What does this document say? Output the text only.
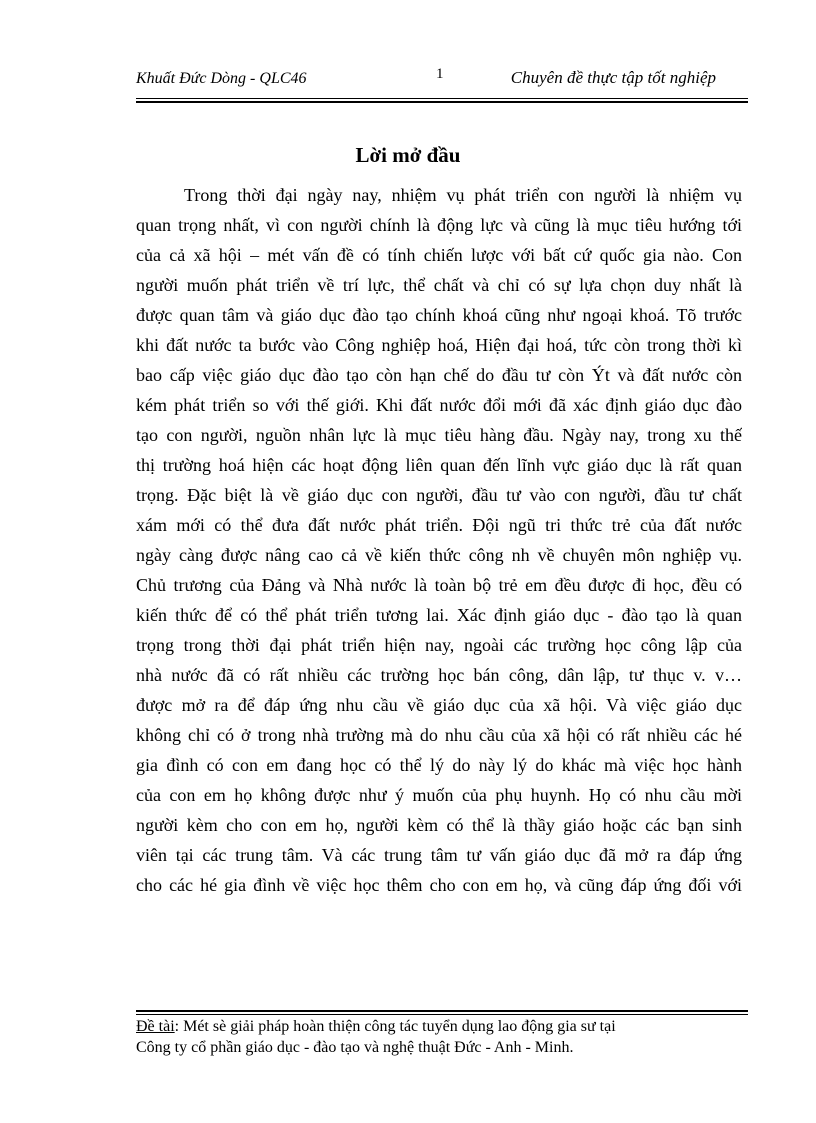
Khuất Đức Dòng - QLC46	1	Chuyên đề thực tập tốt nghiệp
Lời mở đầu
Trong thời đại ngày nay, nhiệm vụ phát triển con người là nhiệm vụ
quan trọng nhất, vì con người chính là động lực và cũng là mục tiêu hướng tới
của cả xã hội – mét vấn đề có tính chiến lược với bất cứ quốc gia nào. Con
người muốn phát triển về trí lực, thể chất và chỉ có sự lựa chọn duy nhất là
được quan tâm và giáo dục đào tạo chính khoá cũng như ngoại khoá. Tõ trước
khi đất nước ta bước vào Công nghiệp hoá, Hiện đại hoá, tức còn trong thời kì
bao cấp việc giáo dục đào tạo còn hạn chế do đầu tư còn Ýt và đất nước còn
kém phát triển so với thế giới. Khi đất nước đổi mới đã xác định giáo dục đào
tạo con người, nguồn nhân lực là mục tiêu hàng đầu. Ngày nay, trong xu thế
thị trường hoá hiện các hoạt động liên quan đến lĩnh vực giáo dục là rất quan
trọng. Đặc biệt là về giáo dục con người, đầu tư vào con người, đầu tư chất
xám mới có thể đưa đất nước phát triển. Đội ngũ tri thức trẻ của đất nước
ngày càng được nâng cao cả về kiến thức công nh về chuyên môn nghiệp vụ.
Chủ trương của Đảng và Nhà nước là toàn bộ trẻ em đều được đi học, đều có
kiến thức để có thể phát triển tương lai. Xác định giáo dục - đào tạo là quan
trọng trong thời đại phát triển hiện nay, ngoài các trường học công lập của
nhà nước đã có rất nhiều các trường học bán công, dân lập, tư thục v. v…
được mở ra để đáp ứng nhu cầu về giáo dục của xã hội. Và việc giáo dục
không chỉ có ở trong nhà trường mà do nhu cầu của xã hội có rất nhiều các hé
gia đình có con em đang học có thể lý do này lý do khác mà việc học hành
của con em họ không được như ý muốn của phụ huynh. Họ có nhu cầu mời
người kèm cho con em họ, người kèm có thể là thầy giáo hoặc các bạn sinh
viên tại các trung tâm. Và các trung tâm tư vấn giáo dục đã mở ra đáp ứng
cho các hé gia đình về việc học thêm cho con em họ, và cũng đáp ứng đối với
Đề tài: Mét sè giải pháp hoàn thiện công tác tuyển dụng lao động gia sư tại
Công ty cổ phần giáo dục - đào tạo và nghệ thuật Đức - Anh - Minh.
